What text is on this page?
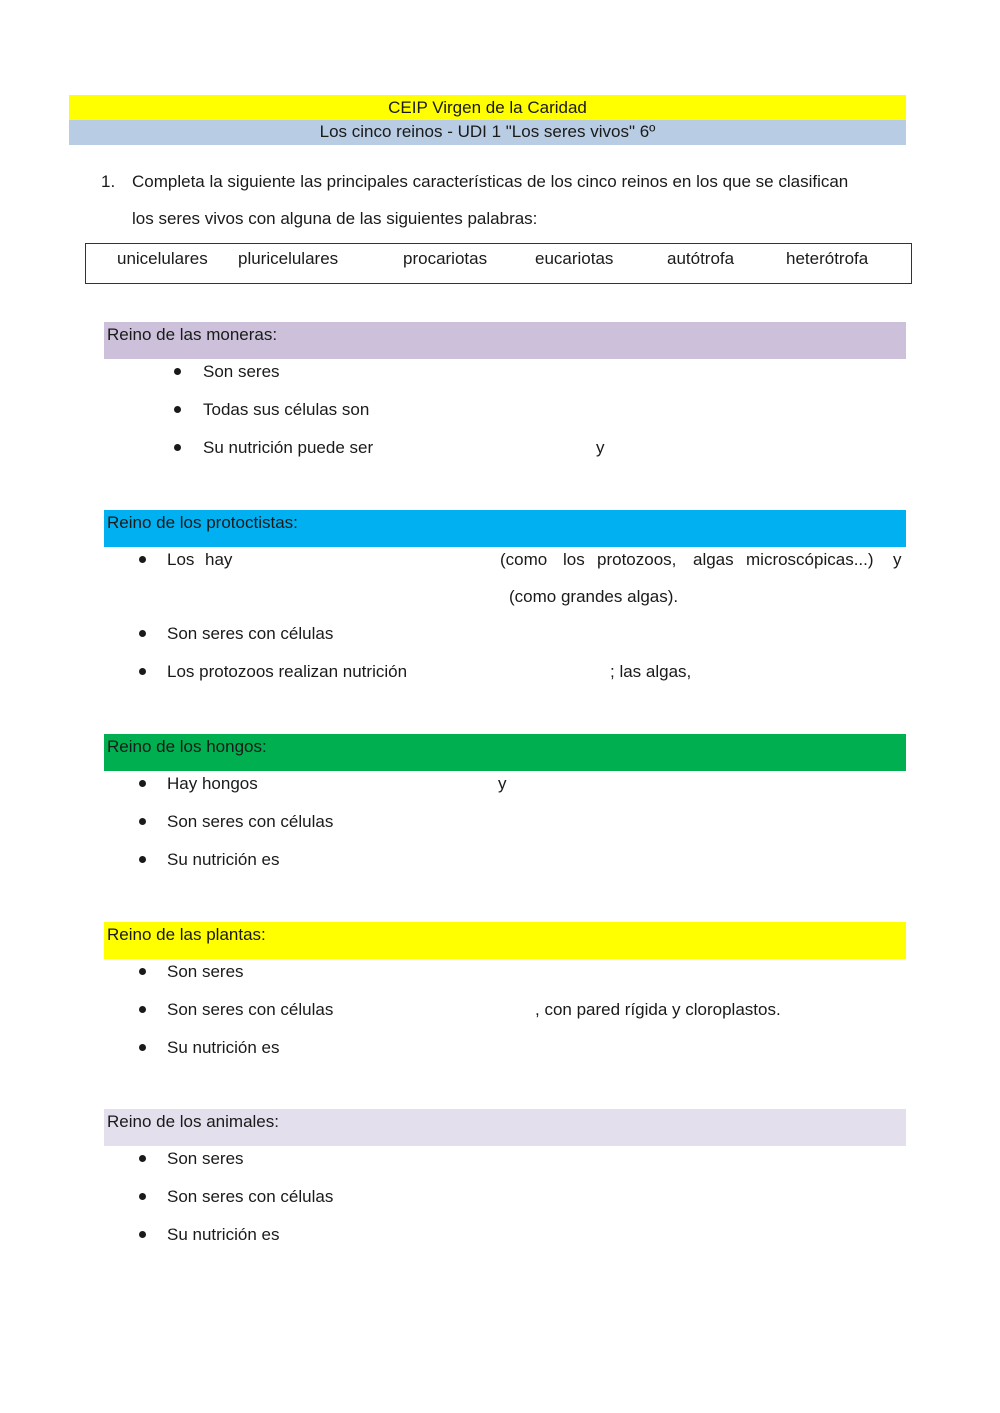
CEIP Virgen de la Caridad
Los cinco reinos - UDI 1 "Los seres vivos" 6º
1. Completa la siguiente las principales características de los cinco reinos en los que se clasifican
los seres vivos con alguna de las siguientes palabras:
unicelulares pluricelulares	procariotas	eucariotas	autótrofa	heterótrofa
Reino de las moneras:
Son seres
Todas sus células son
Su nutrición puede ser	y
Reino de los protoctistas:
Los hay	(como los protozoos, algas microscópicas...) y
(como grandes algas).
Son seres con células
Los protozoos realizan nutrición	; las algas,
Reino de los hongos:
Hay hongos	y
Son seres con células
Su nutrición es
Reino de las plantas:
Son seres
Son seres con células	, con pared rígida y cloroplastos.
Su nutrición es
Reino de los animales:
Son seres
Son seres con células
Su nutrición es
